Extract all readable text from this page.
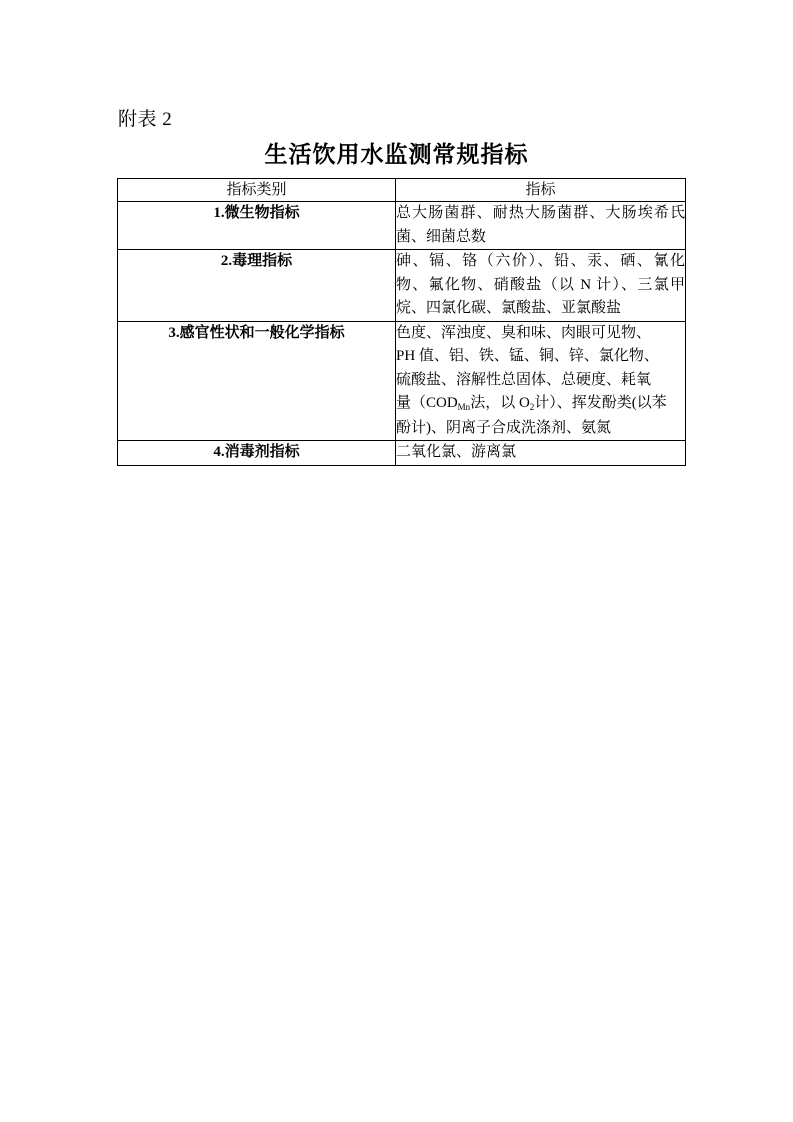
附表 2
生活饮用水监测常规指标
指标类别	指标
1.微生物指标	总大肠菌群、耐热大肠菌群、大肠埃希氏菌、细菌总数

2.毒理指标	砷、镉、铬（六价）、铅、汞、硒、氰化物、氟化物、硝酸盐（以 N 计）、三氯甲烷、四氯化碳、氯酸盐、亚氯酸盐

3.感官性状和一般化学指标	色度、浑浊度、臭和味、肉眼可见物、
PH 值、铝、铁、锰、铜、锌、氯化物、
硫酸盐、溶解性总固体、总硬度、耗氧
量（$COD_{Mn}$法，以 $O_2$计）、挥发酚类(以苯
酚计)、阴离子合成洗涤剂、氨氮

4.消毒剂指标	二氧化氯、游离氯
